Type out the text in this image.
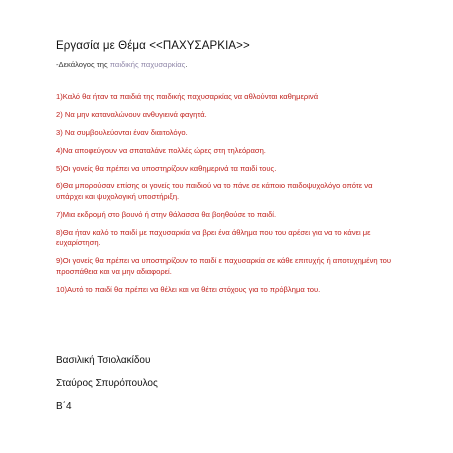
Εργασία με Θέμα <<ΠΑΧΥΣΑΡΚΙΑ>>
-Δεκάλογος της παιδικής παχυσαρκίας.
1)Καλό θα ήταν τα παιδιά της παιδικής παχυσαρκίας να αθλούνται καθημερινά
2) Να μην καταναλώνουν ανθυγιεινά φαγητά.
3) Να συμβουλεύονται έναν διαιτολόγο.
4)Να αποφεύγουν να σπαταλάνε πολλές ώρες στη τηλεόραση.
5)Οι γονείς θα πρέπει να υποστηρίζουν καθημερινά τα παιδί τους.
6)Θα μπορούσαν επίσης οι γονείς του παιδιού να το πάνε σε κάποιο παιδοψυχολόγο οπότε να υπάρχει και ψυχολογική υποστήριξη.
7)Μια εκδρομή στο βουνό ή στην θάλασσα θα βοηθούσε το παιδί.
8)Θα ήταν καλό το παιδί με παχυσαρκία να βρει ένα άθλημα που του αρέσει για να το κάνει με ευχαρίστηση.
9)Οι γονείς θα πρέπει να υποστηρίζουν το παιδί ε παχυσαρκία σε κάθε επιτυχής ή αποτυχημένη του προσπάθεια και να μην αδιαφορεί.
10)Αυτό το παιδί θα πρέπει να θέλει και να θέτει στόχους για το πρόβλημα του.
Βασιλική Τσιολακίδου
Σταύρος Σπυρόπουλος
Β΄4
